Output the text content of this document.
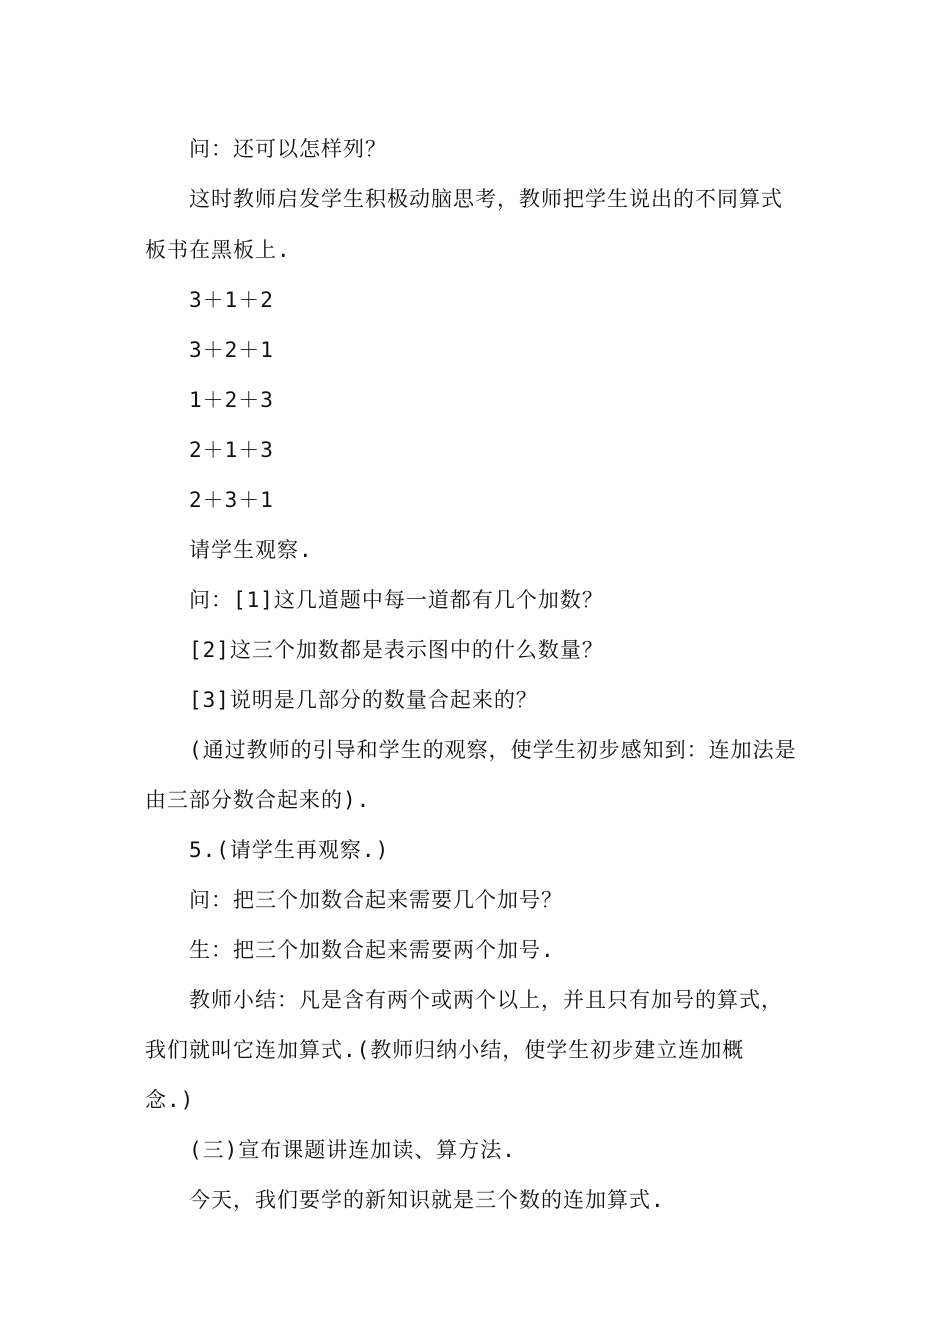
问：还可以怎样列？
这时教师启发学生积极动脑思考，教师把学生说出的不同算式
板书在黑板上.
3＋1＋2
3＋2＋1
1＋2＋3
2＋1＋3
2＋3＋1
请学生观察.
问：[1]这几道题中每一道都有几个加数？
[2]这三个加数都是表示图中的什么数量？
[3]说明是几部分的数量合起来的？
(通过教师的引导和学生的观察，使学生初步感知到：连加法是
由三部分数合起来的).
5.(请学生再观察.)
问：把三个加数合起来需要几个加号？
生：把三个加数合起来需要两个加号.
教师小结：凡是含有两个或两个以上，并且只有加号的算式，
我们就叫它连加算式.(教师归纳小结，使学生初步建立连加概
念.)
(三)宣布课题讲连加读、算方法.
今天，我们要学的新知识就是三个数的连加算式.
